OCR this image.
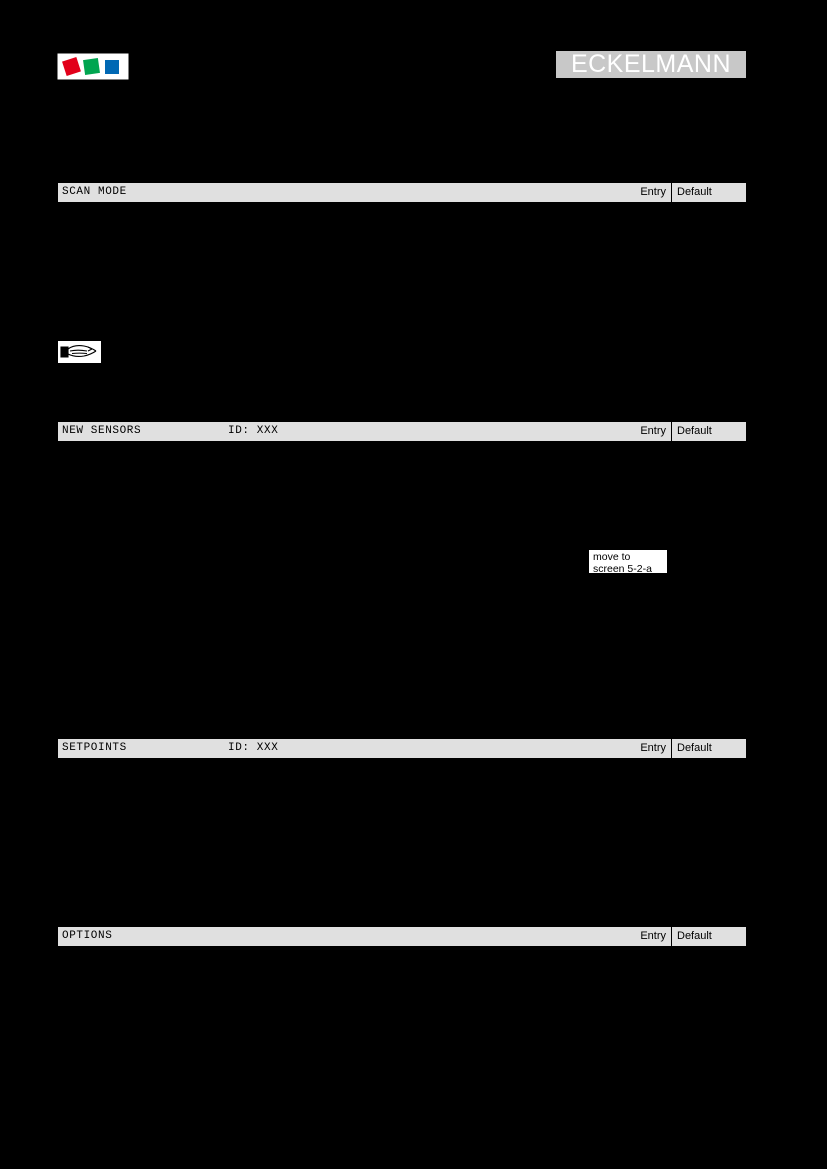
ECKELMANN
SCAN MODE	Entry	Default
NEW SENSORS	ID: XXX	Entry	Default
move to
screen 5-2-a
SETPOINTS	ID: XXX	Entry	Default
OPTIONS	Entry	Default
